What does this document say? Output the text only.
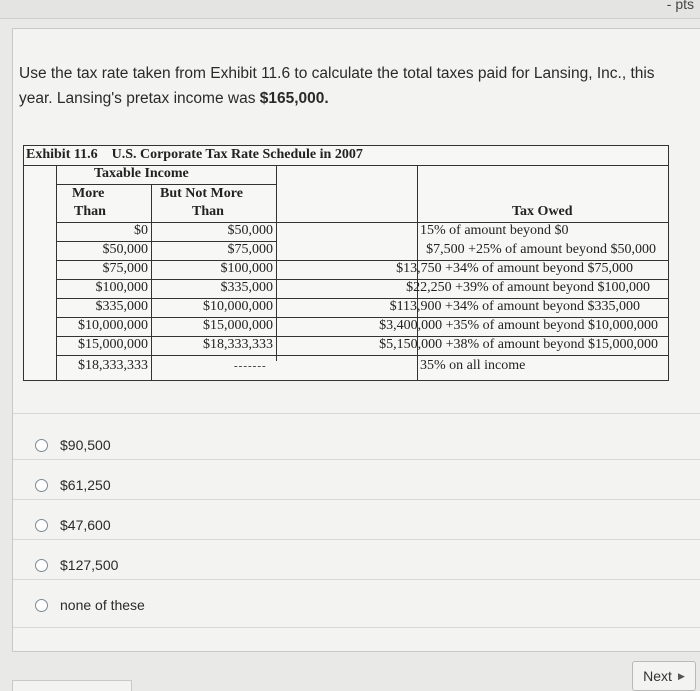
- pts
Use the tax rate taken from Exhibit 11.6 to calculate the total taxes paid for Lansing, Inc., this year. Lansing's pretax income was $165,000.
Exhibit 11.6    U.S. Corporate Tax Rate Schedule in 2007
Taxable Income
More
Than
But Not More
Than	Tax Owed
$0	$50,000	15% of amount beyond $0
$50,000	$75,000	$7,500 +25% of amount beyond $50,000
$75,000	$100,000	$13,750 +34% of amount beyond $75,000
$100,000	$335,000	$22,250 +39% of amount beyond $100,000
$335,000	$10,000,000	$113,900 +34% of amount beyond $335,000
$10,000,000	$15,000,000	$3,400,000 +35% of amount beyond $10,000,000
$15,000,000	$18,333,333	$5,150,000 +38% of amount beyond $15,000,000
$18,333,333	-------	35% on all income
$90,500
$61,250
$47,600
$127,500
none of these
Next ▶
